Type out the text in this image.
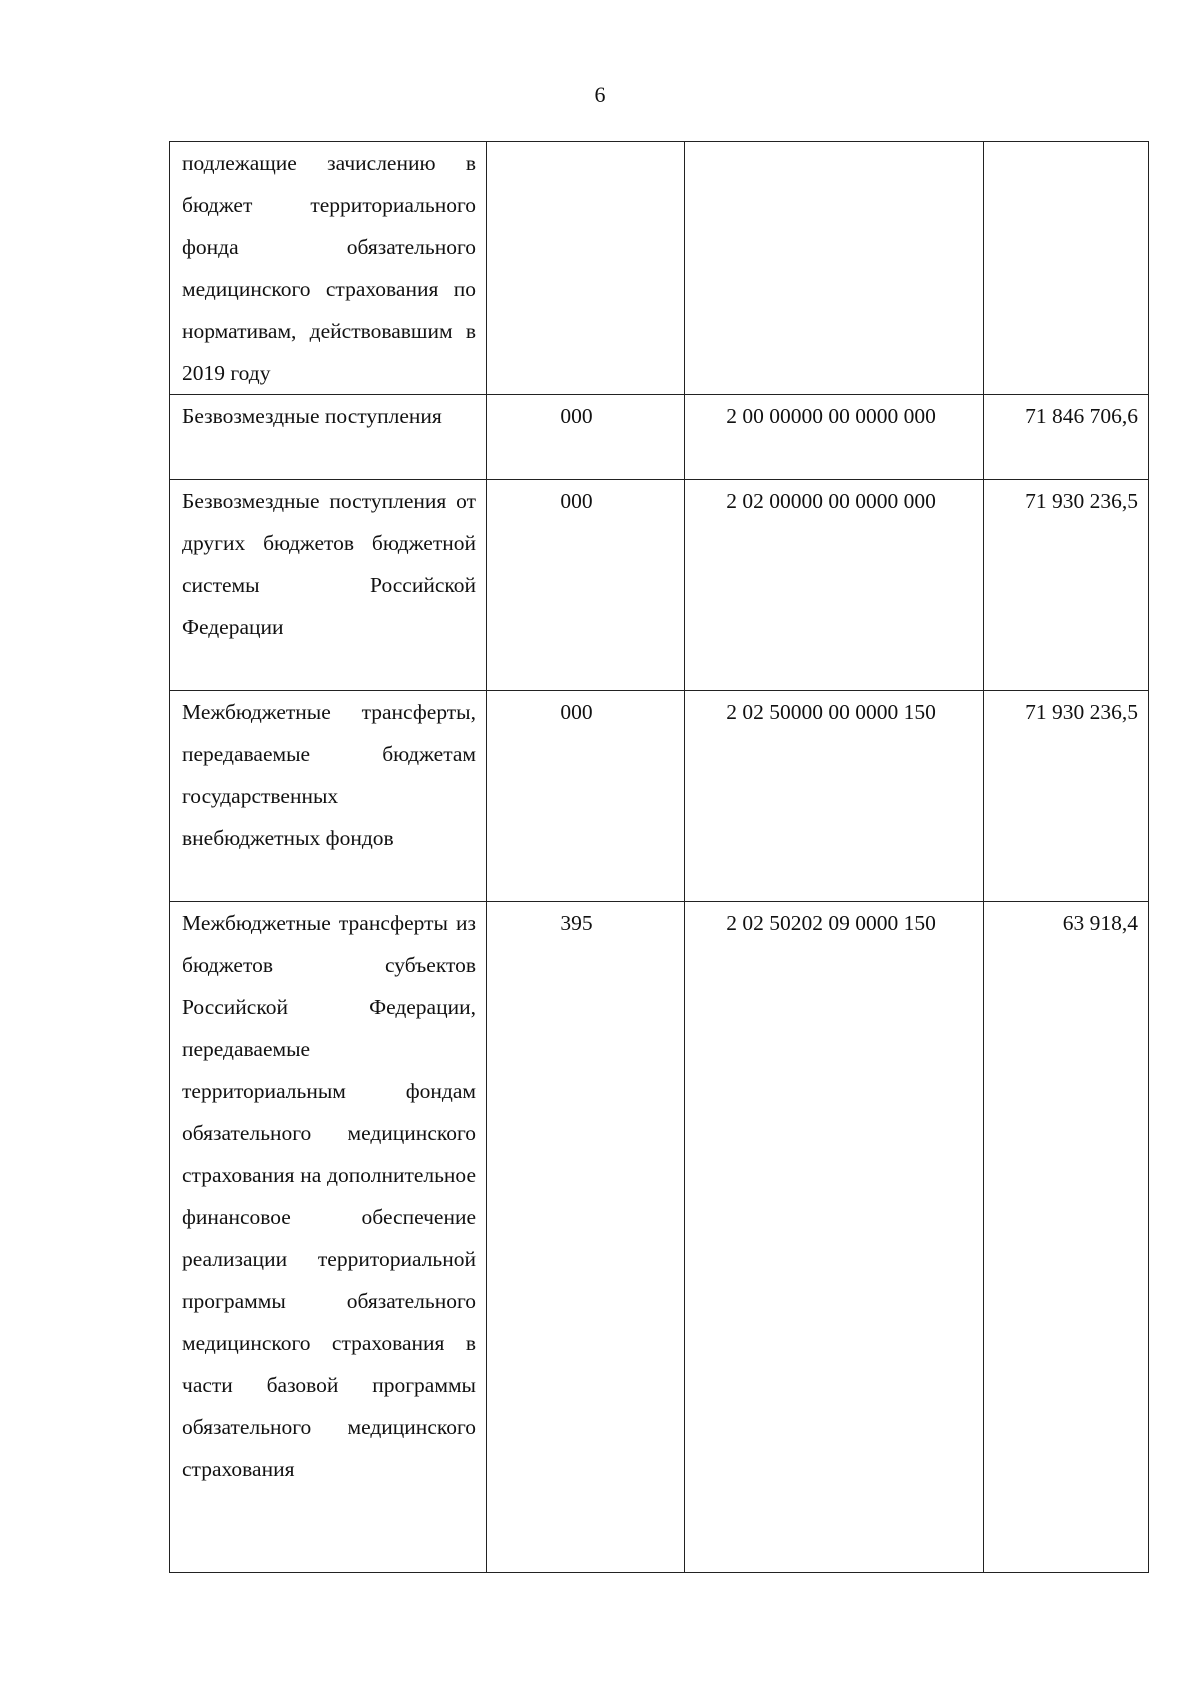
6
подлежащие зачислению в бюджет территориального фонда обязательного медицинского страхования по нормативам, действовавшим в 2019 году			
Безвозмездные поступления	000	2 00 00000 00 0000 000	71 846 706,6
Безвозмездные поступления от других бюджетов бюджетной системы Российской Федерации	000	2 02 00000 00 0000 000	71 930 236,5
Межбюджетные трансферты, передаваемые бюджетам государственных внебюджетных фондов	000	2 02 50000 00 0000 150	71 930 236,5
Межбюджетные трансферты из бюджетов субъектов Российской Федерации, передаваемые территориальным фондам обязательного медицинского страхования на дополнительное финансовое обеспечение реализации территориальной программы обязательного медицинского страхования в части базовой программы обязательного медицинского страхования	395	2 02 50202 09 0000 150	63 918,4
